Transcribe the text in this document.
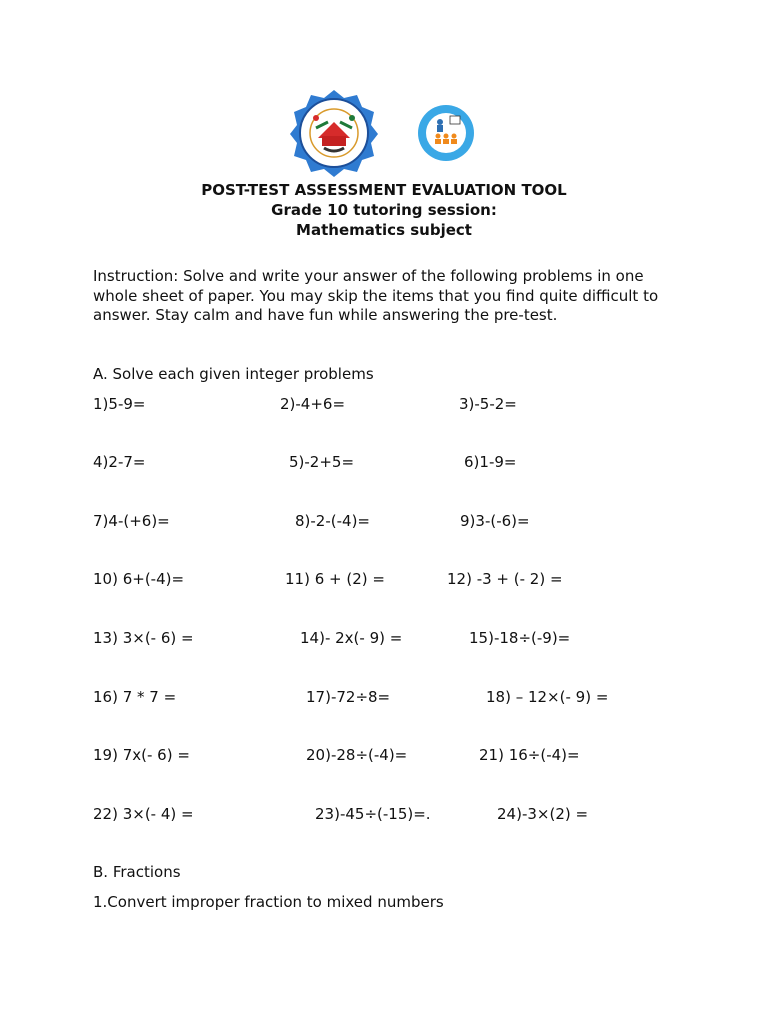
POST-TEST ASSESSMENT EVALUATION TOOL
Grade 10 tutoring session:
Mathematics subject
Instruction: Solve and write your answer of the following problems in one whole sheet of paper. You may skip the items that you find quite difficult to answer. Stay calm and have fun while answering the pre-test.
A. Solve each given integer problems
1)5-9=	2)-4+6=	3)-5-2=
4)2-7=	5)-2+5=	6)1-9=
7)4-(+6)=	8)-2-(-4)=	9)3-(-6)=
10) 6+(-4)=	11) 6 + (2) =	12) -3 + (- 2) =
13) 3×(- 6) =	14)- 2x(- 9) =	15)-18÷(-9)=
16) 7 * 7 =	17)-72÷8=	18) – 12×(- 9) =
19) 7x(- 6) =	20)-28÷(-4)=	21) 16÷(-4)=
22) 3×(- 4) =	23)-45÷(-15)=.	24)-3×(2) =
B. Fractions
1.Convert improper fraction to mixed numbers
